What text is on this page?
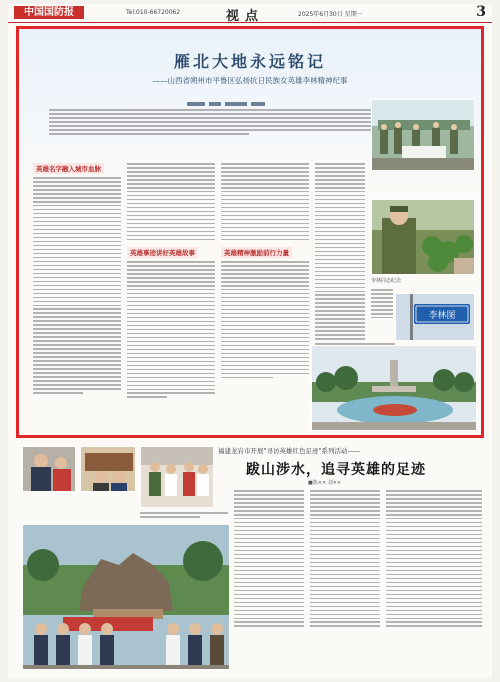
中国国防报	Tel:010-66720062	视点	2025年6月30日 星期一	3
雁北大地永远铭记
——山西省朔州市平鲁区弘扬抗日民族女英雄李林精神纪事
英雄名字融入城市血脉
英雄事迹讲好英雄故事	英雄精神激励前行力量
李林同志纪念
李林图
福建龙岩市开展"寻访英雄红色足迹"系列活动——
跋山涉水，追寻英雄的足迹
■陈×× 刘××
